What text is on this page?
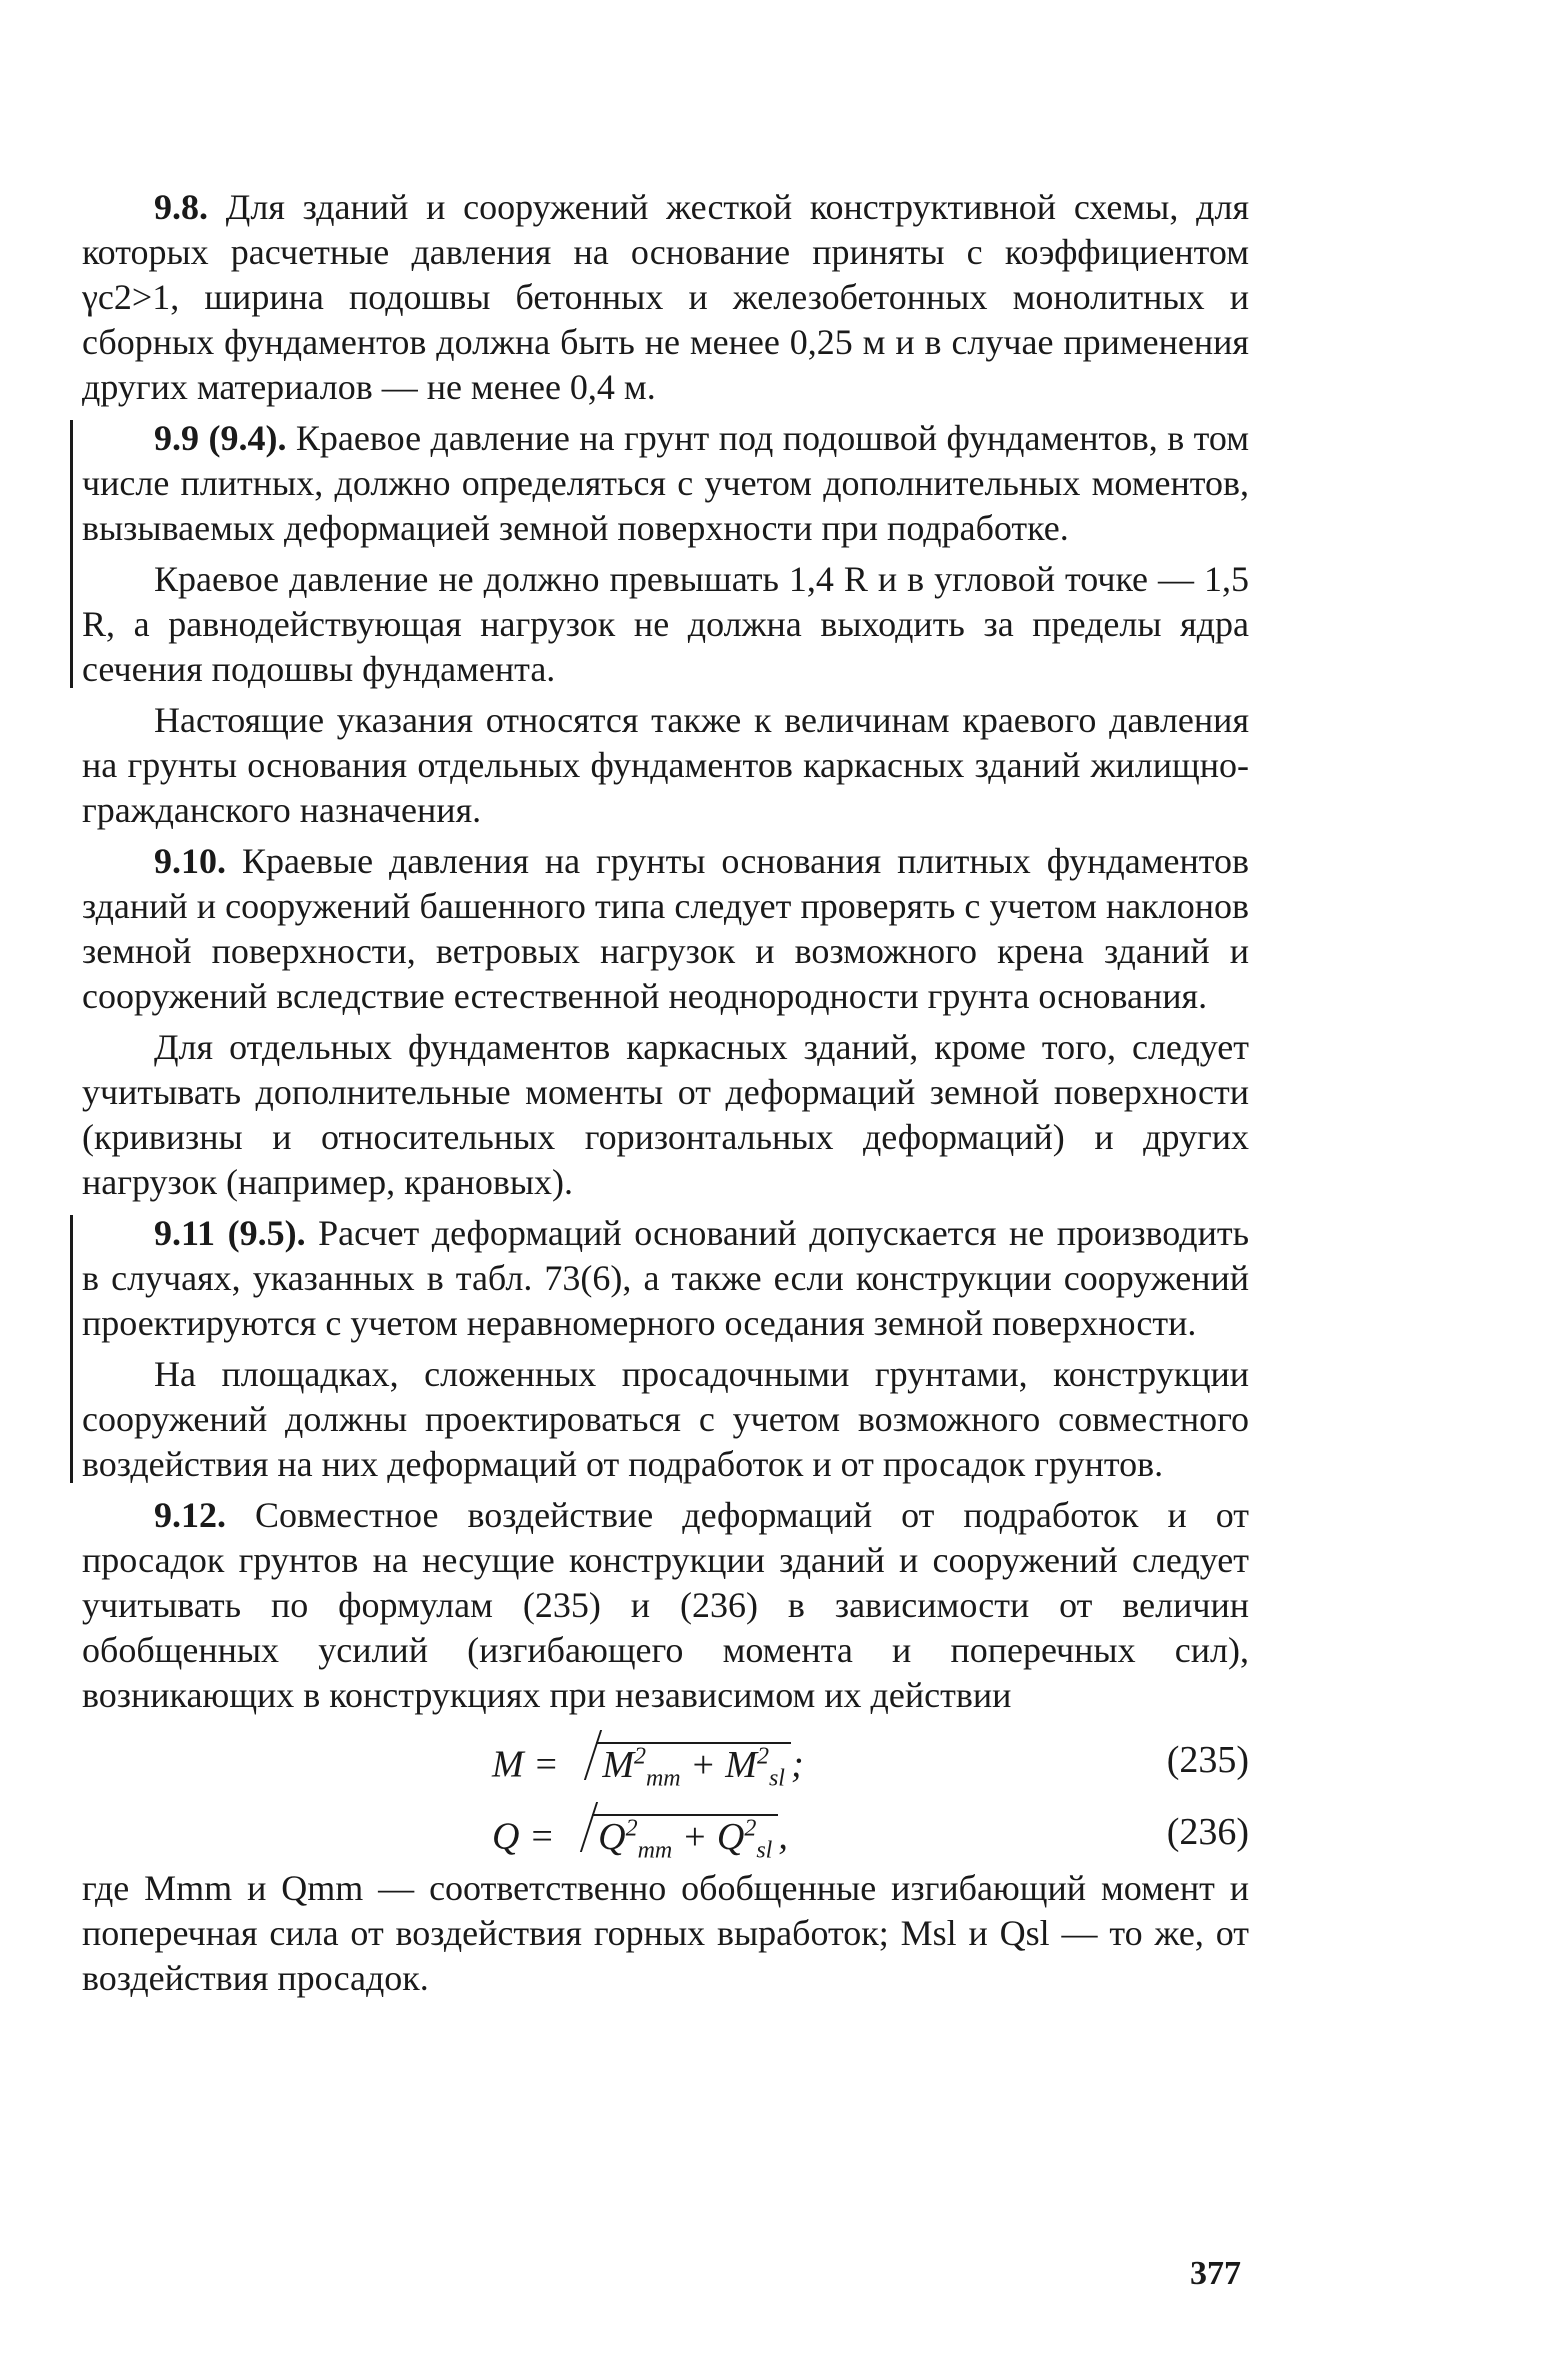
9.8. Для зданий и сооружений жесткой конструктивной схемы, для которых расчетные давления на основание приняты с коэффициентом γc2>1, ширина подошвы бетонных и железобетонных монолитных и сборных фундаментов должна быть не менее 0,25 м и в случае применения других материалов — не менее 0,4 м.

9.9 (9.4). Краевое давление на грунт под подошвой фундаментов, в том числе плитных, должно определяться с учетом дополнительных моментов, вызываемых деформацией земной поверхности при подработке.

Краевое давление не должно превышать 1,4 R и в угловой точке — 1,5 R, а равнодействующая нагрузок не должна выходить за пределы ядра сечения подошвы фундамента.

Настоящие указания относятся также к величинам краевого давления на грунты основания отдельных фундаментов каркасных зданий жилищно-гражданского назначения.

9.10. Краевые давления на грунты основания плитных фундаментов зданий и сооружений башенного типа следует проверять с учетом наклонов земной поверхности, ветровых нагрузок и возможного крена зданий и сооружений вследствие естественной неоднородности грунта основания.

Для отдельных фундаментов каркасных зданий, кроме того, следует учитывать дополнительные моменты от деформаций земной поверхности (кривизны и относительных горизонтальных деформаций) и других нагрузок (например, крановых).

9.11 (9.5). Расчет деформаций оснований допускается не производить в случаях, указанных в табл. 73(6), а также если конструкции сооружений проектируются с учетом неравномерного оседания земной поверхности.

На площадках, сложенных просадочными грунтами, конструкции сооружений должны проектироваться с учетом возможного совместного воздействия на них деформаций от подработок и от просадок грунтов.

9.12. Совместное воздействие деформаций от подработок и от просадок грунтов на несущие конструкции зданий и сооружений следует учитывать по формулам (235) и (236) в зависимости от величин обобщенных усилий (изгибающего момента и поперечных сил), возникающих в конструкциях при независимом их действии

$M = M^2_{mm} + M^2_{sl}$ ;	(235)
$Q = Q^2_{mm} + Q^2_{sl}$ ,	(236)

где Mmm и Qmm — соответственно обобщенные изгибающий момент и поперечная сила от воздействия горных выработок; Msl и Qsl — то же, от воздействия просадок.

377
